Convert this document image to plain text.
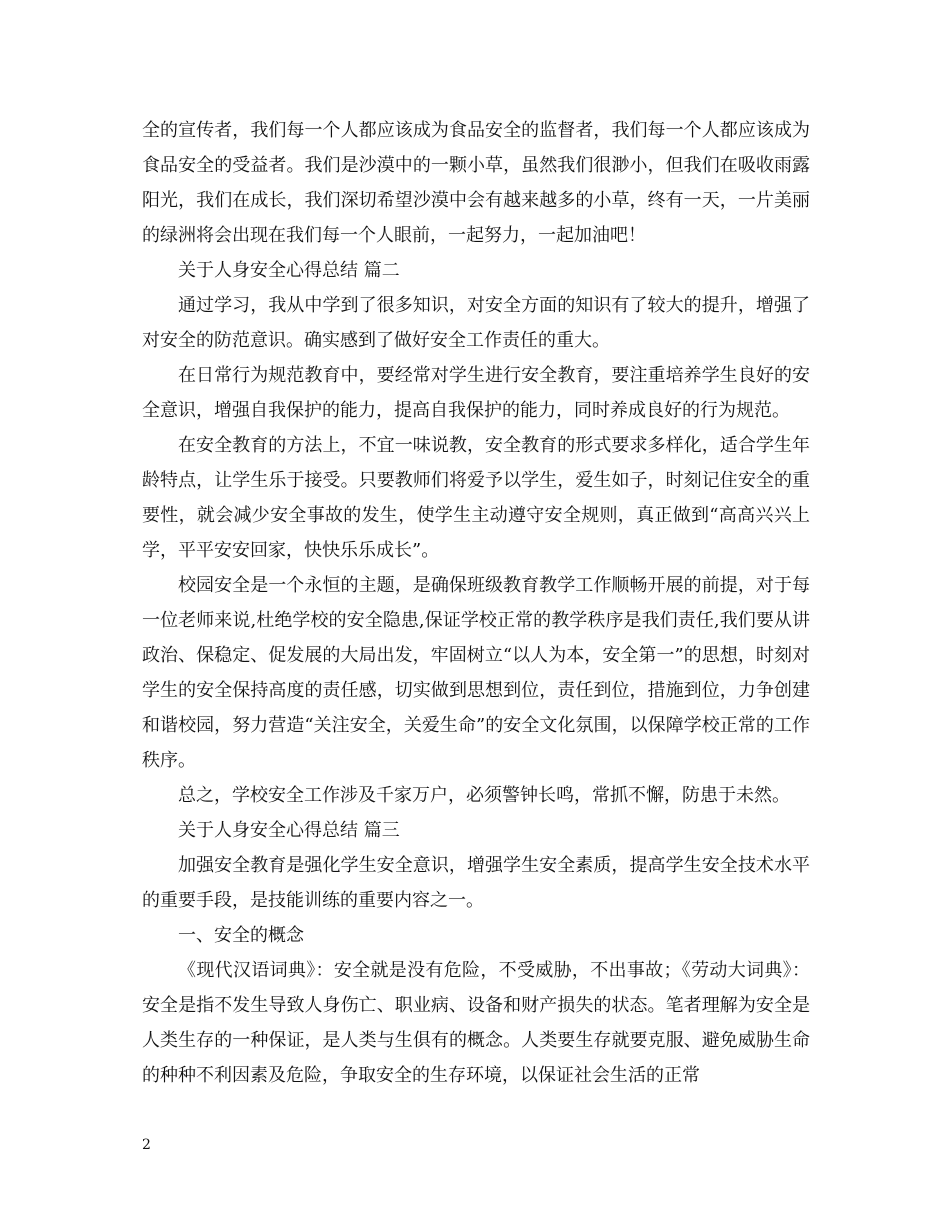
全的宣传者，我们每一个人都应该成为食品安全的监督者，我们每一个人都应该成为食品安全的受益者。我们是沙漠中的一颗小草，虽然我们很渺小，但我们在吸收雨露阳光，我们在成长，我们深切希望沙漠中会有越来越多的小草，终有一天，一片美丽的绿洲将会出现在我们每一个人眼前，一起努力，一起加油吧！

关于人身安全心得总结 篇二

通过学习，我从中学到了很多知识，对安全方面的知识有了较大的提升，增强了对安全的防范意识。确实感到了做好安全工作责任的重大。

在日常行为规范教育中，要经常对学生进行安全教育，要注重培养学生良好的安全意识，增强自我保护的能力，提高自我保护的能力，同时养成良好的行为规范。

在安全教育的方法上，不宜一味说教，安全教育的形式要求多样化，适合学生年龄特点，让学生乐于接受。只要教师们将爱予以学生，爱生如子，时刻记住安全的重要性，就会减少安全事故的发生，使学生主动遵守安全规则，真正做到“高高兴兴上学，平平安安回家，快快乐乐成长”。

校园安全是一个永恒的主题，是确保班级教育教学工作顺畅开展的前提，对于每一位老师来说,杜绝学校的安全隐患,保证学校正常的教学秩序是我们责任,我们要从讲政治、保稳定、促发展的大局出发，牢固树立“以人为本，安全第一”的思想，时刻对学生的安全保持高度的责任感，切实做到思想到位，责任到位，措施到位，力争创建和谐校园，努力营造“关注安全，关爱生命”的安全文化氛围，以保障学校正常的工作秩序。

总之，学校安全工作涉及千家万户，必须警钟长鸣，常抓不懈，防患于未然。

关于人身安全心得总结 篇三

加强安全教育是强化学生安全意识，增强学生安全素质，提高学生安全技术水平的重要手段，是技能训练的重要内容之一。

一、安全的概念

《现代汉语词典》：安全就是没有危险，不受威胁，不出事故；《劳动大词典》：安全是指不发生导致人身伤亡、职业病、设备和财产损失的状态。笔者理解为安全是人类生存的一种保证，是人类与生俱有的概念。人类要生存就要克服、避免威胁生命的种种不利因素及危险，争取安全的生存环境，以保证社会生活的正常

2
